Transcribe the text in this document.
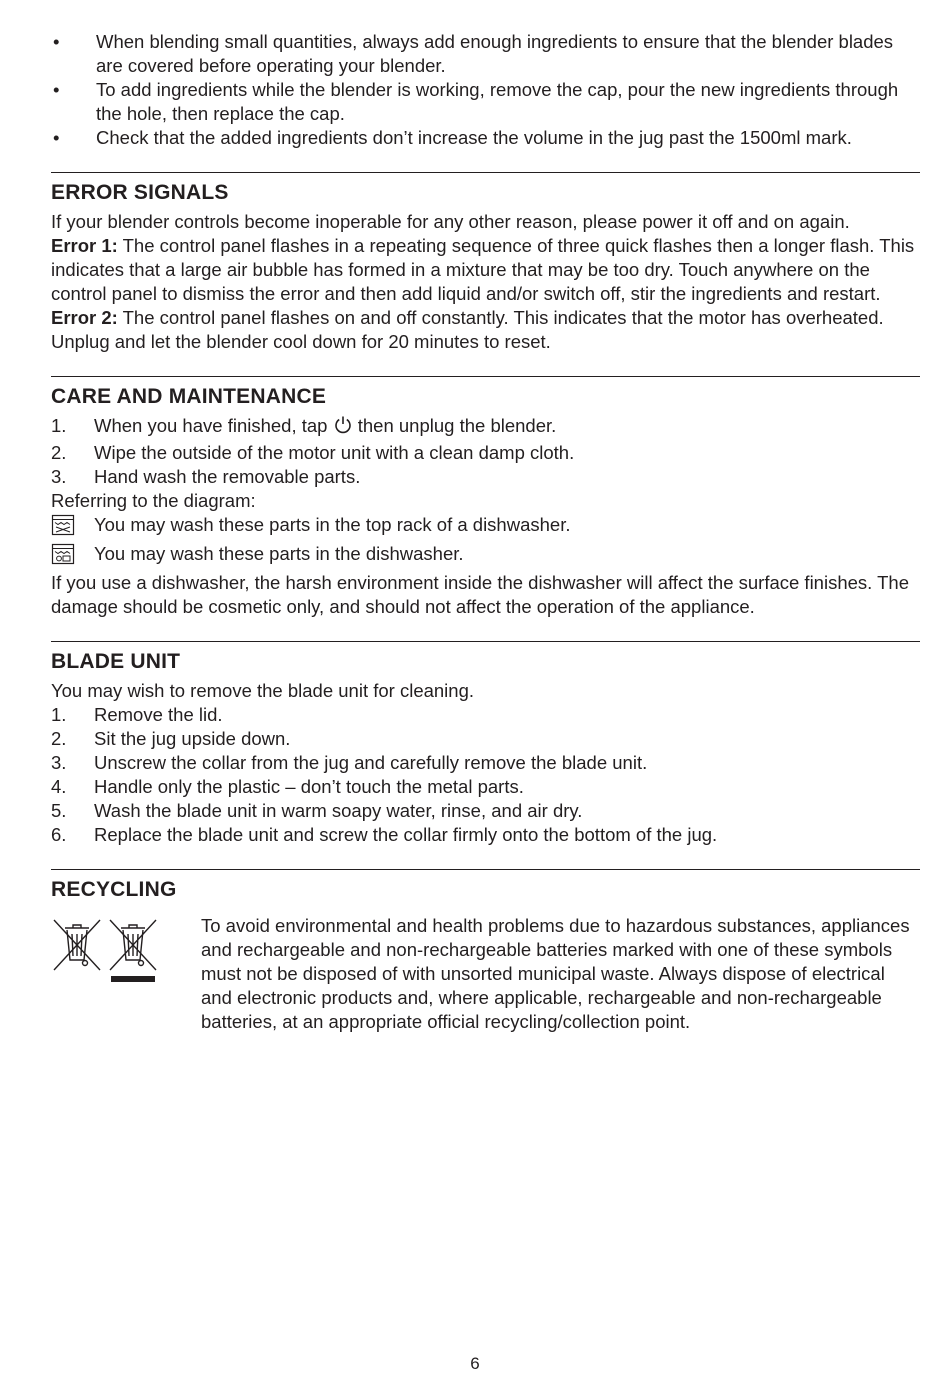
•	When blending small quantities, always add enough ingredients to ensure that the blender blades are covered before operating your blender.
•	To add ingredients while the blender is working, remove the cap, pour the new ingredients through the hole, then replace the cap.
•	Check that the added ingredients don’t increase the volume in the jug past the 1500ml mark.
ERROR SIGNALS
If your blender controls become inoperable for any other reason, please power it off and on again.
Error 1: The control panel flashes in a repeating sequence of three quick flashes then a longer flash. This indicates that a large air bubble has formed in a mixture that may be too dry. Touch anywhere on the control panel to dismiss the error and then add liquid and/or switch off, stir the ingredients and restart.
Error 2: The control panel flashes on and off constantly. This indicates that the motor has overheated. Unplug and let the blender cool down for 20 minutes to reset.
CARE AND MAINTENANCE
1.	When you have finished, tap  then unplug the blender.
2.	Wipe the outside of the motor unit with a clean damp cloth.
3.	Hand wash the removable parts.
Referring to the diagram:
You may wash these parts in the top rack of a dishwasher.
You may wash these parts in the dishwasher.
If you use a dishwasher, the harsh environment inside the dishwasher will affect the surface finishes. The damage should be cosmetic only, and should not affect the operation of the appliance.
BLADE UNIT
You may wish to remove the blade unit for cleaning.
1.	Remove the lid.
2.	Sit the jug upside down.
3.	Unscrew the collar from the jug and carefully remove the blade unit.
4.	Handle only the plastic – don’t touch the metal parts.
5.	Wash the blade unit in warm soapy water, rinse, and air dry.
6.	Replace the blade unit and screw the collar firmly onto the bottom of the jug.
RECYCLING
To avoid environmental and health problems due to hazardous substances, appliances and rechargeable and non-rechargeable batteries marked with one of these symbols must not be disposed of with unsorted municipal waste. Always dispose of electrical and electronic products and, where applicable, rechargeable and non-rechargeable batteries, at an appropriate official recycling/collection point.
6
